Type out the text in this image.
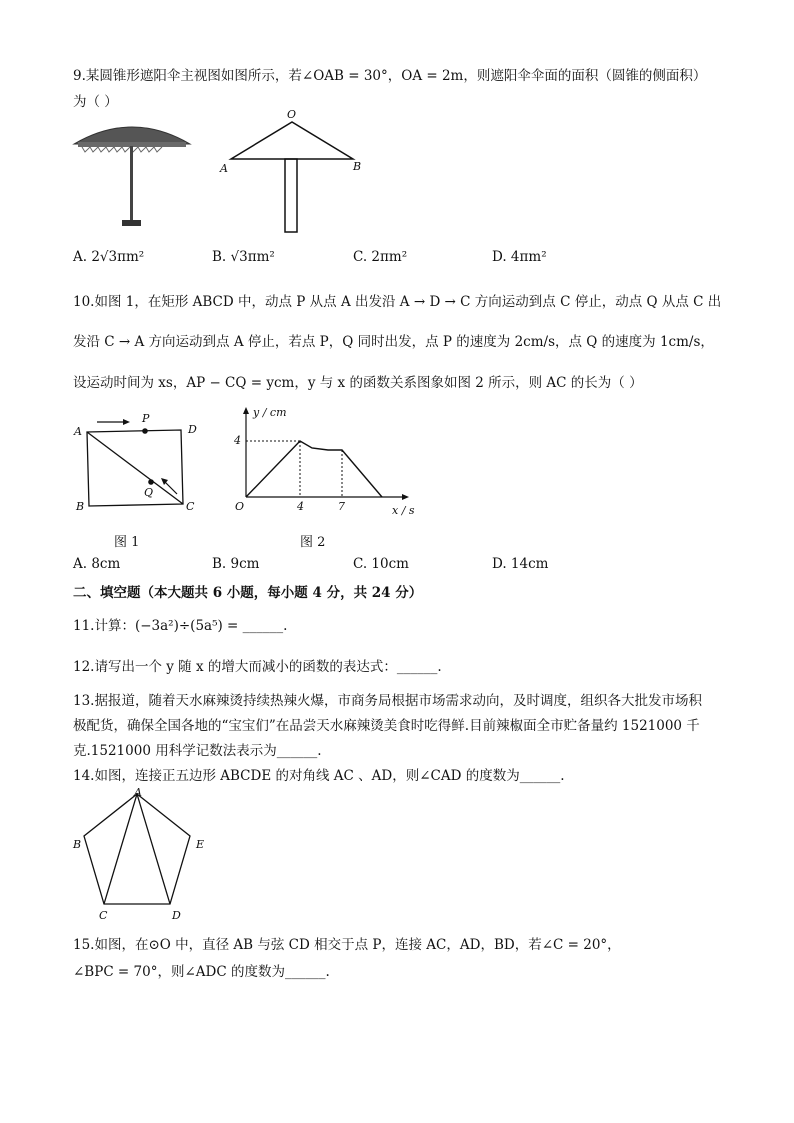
9.某圆锥形遮阳伞主视图如图所示，若∠OAB = 30°，OA = 2m，则遮阳伞伞面的面积（圆锥的侧面积）
为（ ）
O
A	B
A. 2√3πm²	B. √3πm²	C. 2πm²	D. 4πm²
10.如图 1，在矩形 ABCD 中，动点 P 从点 A 出发沿 A → D → C 方向运动到点 C 停止，动点 Q 从点 C 出
发沿 C → A 方向运动到点 A 停止，若点 P，Q 同时出发，点 P 的速度为 2cm/s，点 Q 的速度为 1cm/s，
设运动时间为 xs，AP − CQ = ycm，y 与 x 的函数关系图象如图 2 所示，则 AC 的长为（ ）
A
P
D
B
Q
C
图 1
y / cm
O
4
4	7	x / s
图 2
A. 8cm	B. 9cm	C. 10cm	D. 14cm
二、填空题（本大题共 6 小题，每小题 4 分，共 24 分）
11.计算：(−3a²)÷(5a⁵) = ______.
12.请写出一个 y 随 x 的增大而减小的函数的表达式：______.
13.据报道，随着天水麻辣烫持续热辣火爆，市商务局根据市场需求动向，及时调度，组织各大批发市场积
极配货，确保全国各地的“宝宝们”在品尝天水麻辣烫美食时吃得鲜.目前辣椒面全市贮备量约 1521000 千
克.1521000 用科学记数法表示为______.
14.如图，连接正五边形 ABCDE 的对角线 AC 、AD，则∠CAD 的度数为______.
A
B	E
C	D
15.如图，在⊙O 中，直径 AB 与弦 CD 相交于点 P，连接 AC，AD，BD，若∠C = 20°，
∠BPC = 70°，则∠ADC 的度数为______.
